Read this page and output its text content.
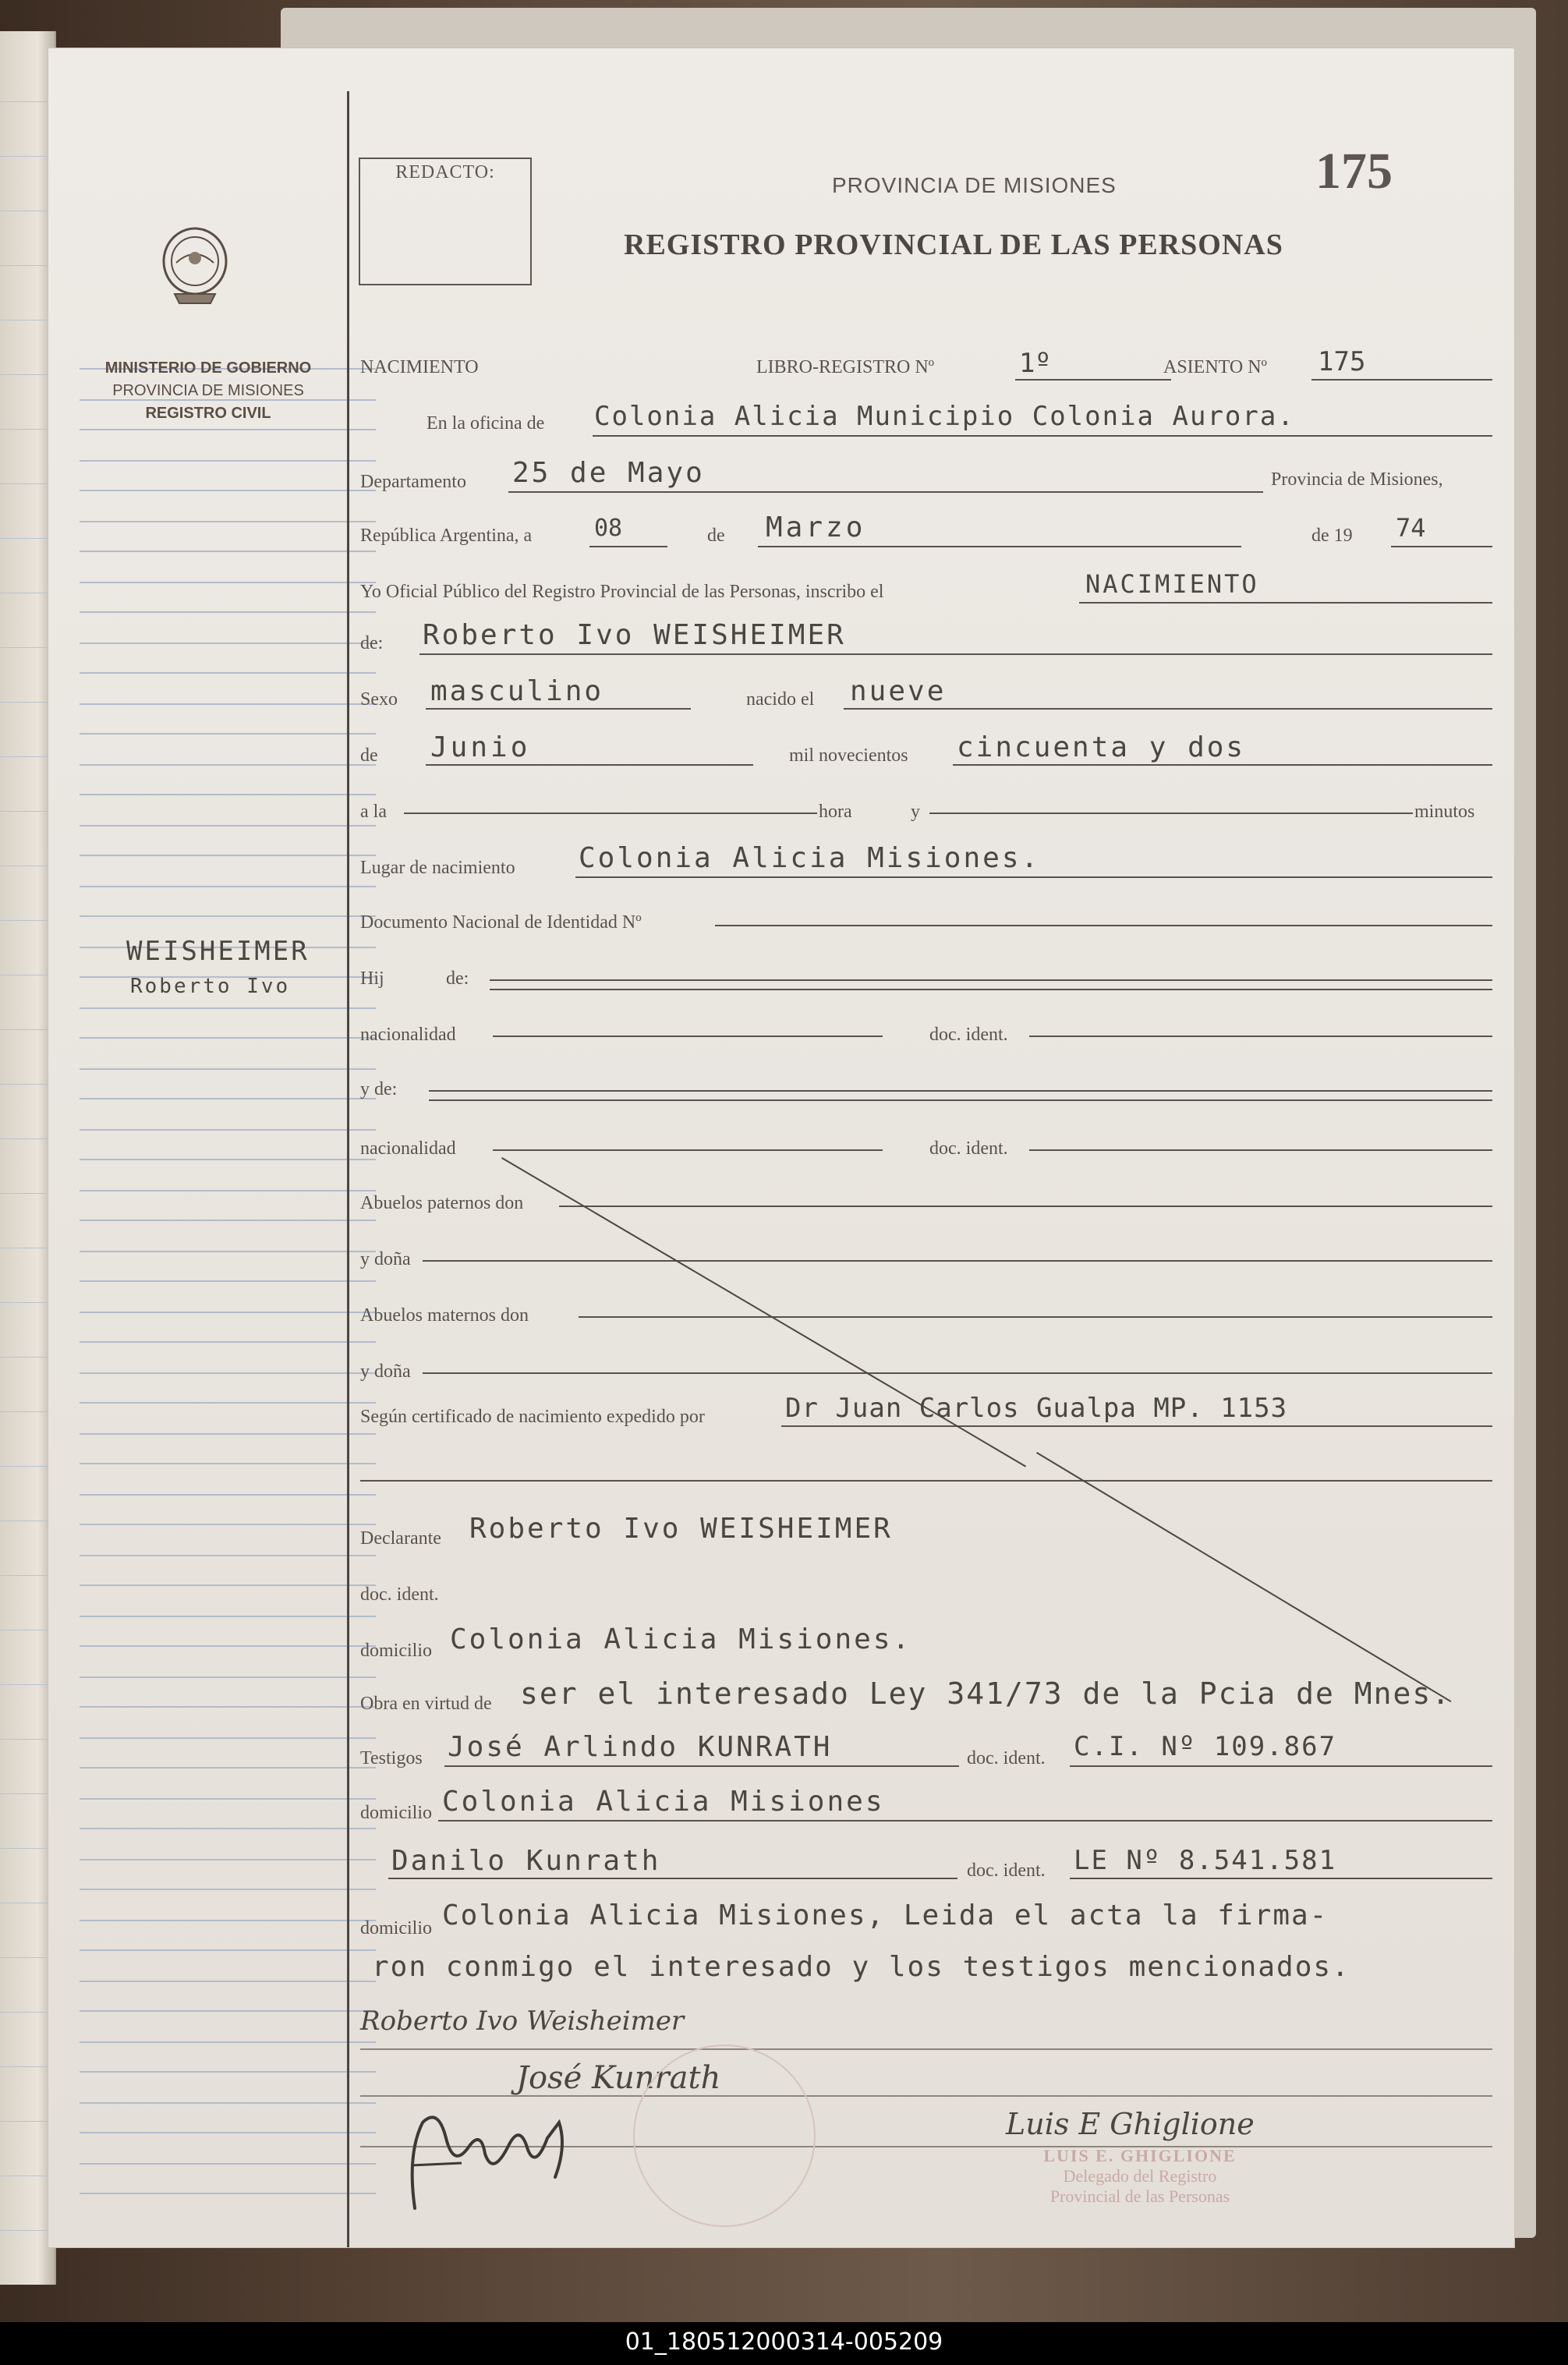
MINISTERIO DE GOBIERNO
PROVINCIA DE MISIONES
REGISTRO CIVIL
WEISHEIMER
Roberto Ivo
REDACTO:
PROVINCIA DE MISIONES	175
REGISTRO PROVINCIAL DE LAS PERSONAS
NACIMIENTO	LIBRO-REGISTRO Nº	1º	ASIENTO Nº 175
En la oficina de Colonia Alicia Municipio Colonia Aurora.
Departamento 25 de Mayo	Provincia de Misiones,
República Argentina, a	08	de Marzo	de 19 74
Yo Oficial Público del Registro Provincial de las Personas, inscribo el	NACIMIENTO
de: Roberto Ivo WEISHEIMER
Sexo masculino	nacido el nueve
de Junio	mil novecientos cincuenta y dos
a la	hora	y	minutos
Lugar de nacimiento Colonia Alicia Misiones.
Documento Nacional de Identidad Nº
Hij	de:
nacionalidad	doc. ident.
y de:
nacionalidad	doc. ident.
Abuelos paternos don
y doña
Abuelos maternos don
y doña
Según certificado de nacimiento expedido por	Dr Juan Carlos Gualpa MP. 1153
Declarante Roberto Ivo WEISHEIMER
doc. ident.
domicilio Colonia Alicia Misiones.
Obra en virtud de ser el interesado Ley 341/73 de la Pcia de Mnes.
Testigos José Arlindo KUNRATH	doc. ident. C.I. Nº 109.867
domicilio Colonia Alicia Misiones
Danilo Kunrath	doc. ident. LE Nº 8.541.581
domicilio Colonia Alicia Misiones, Leida el acta la firma-
ron conmigo el interesado y los testigos mencionados.
Roberto Ivo Weisheimer
José Kunrath
Luis E Ghiglione
LUIS E. GHIGLIONE
Delegado del Registro
Provincial de las Personas
01_180512000314-005209
